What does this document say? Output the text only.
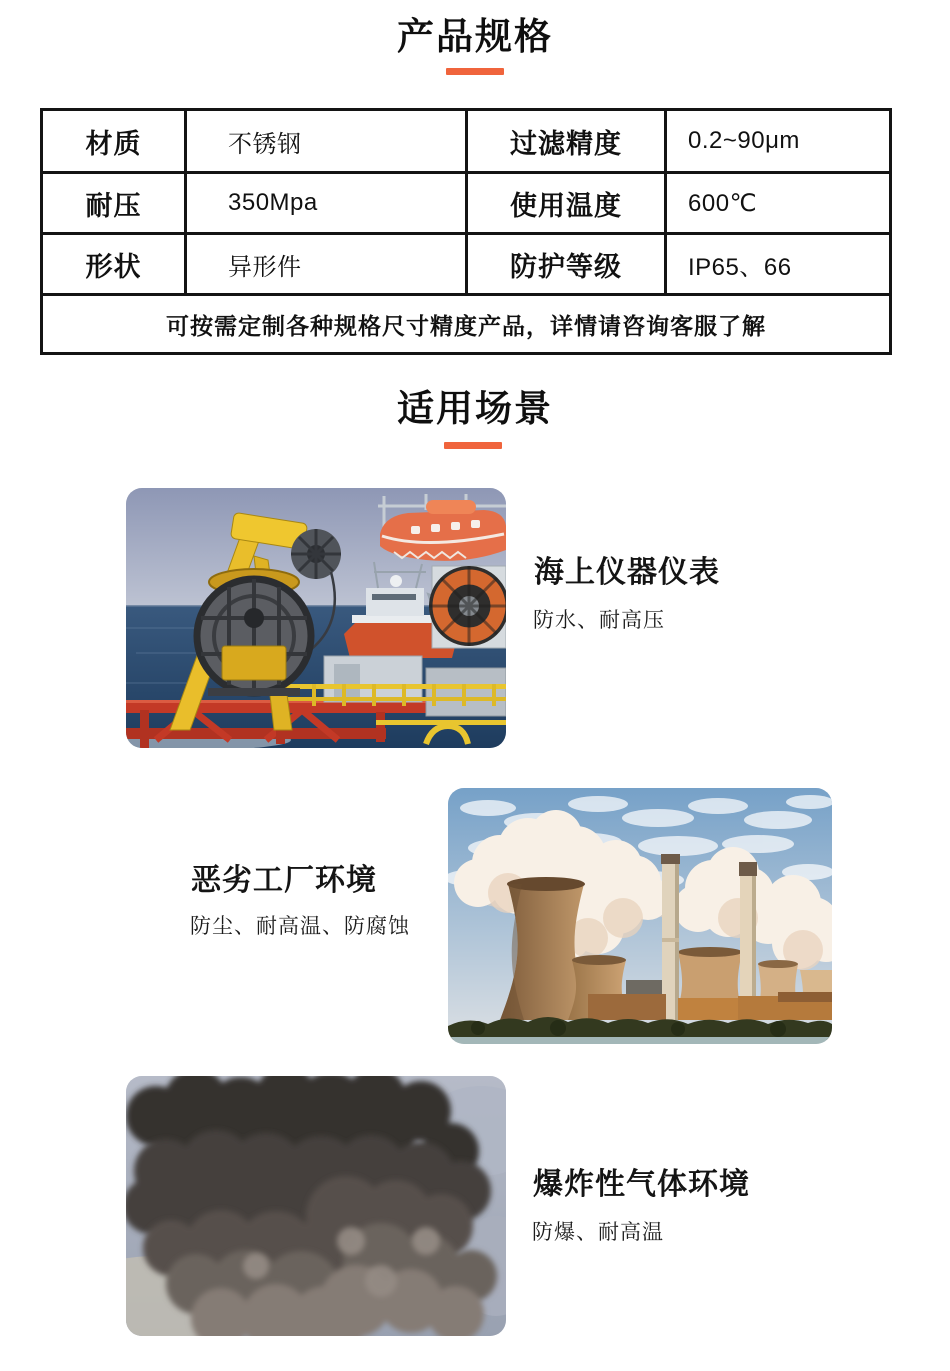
产品规格
材质	不锈钢	过滤精度	0.2~90μm
耐压	350Mpa	使用温度	600℃
形状	异形件	防护等级	IP65、66
可按需定制各种规格尺寸精度产品，详情请咨询客服了解
适用场景
海上仪器仪表
防水、耐高压
恶劣工厂环境
防尘、耐高温、防腐蚀
爆炸性气体环境
防爆、耐高温
